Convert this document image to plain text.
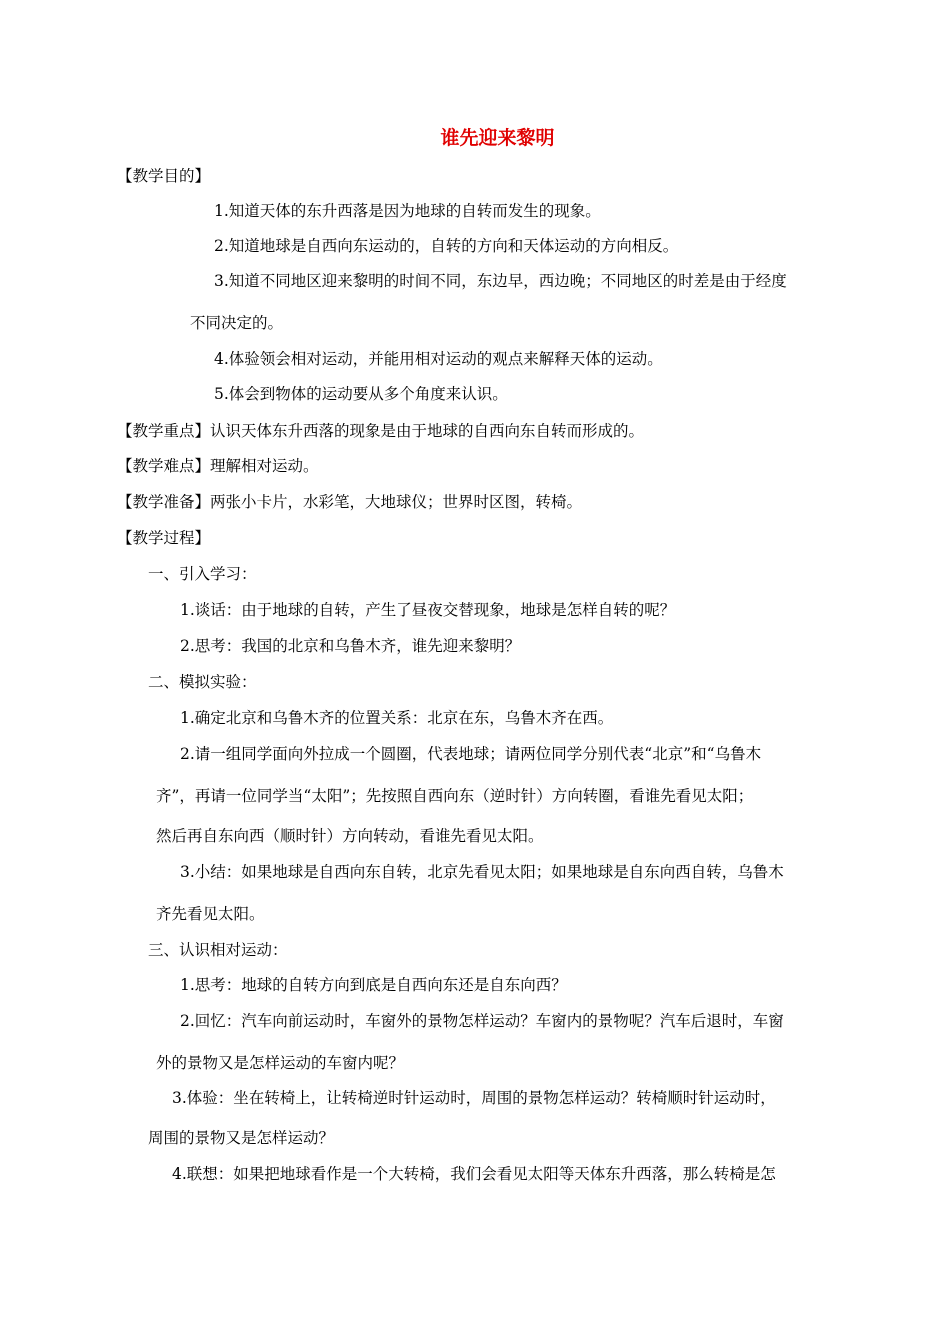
谁先迎来黎明
【教学目的】
1.知道天体的东升西落是因为地球的自转而发生的现象。
2.知道地球是自西向东运动的，自转的方向和天体运动的方向相反。
3.知道不同地区迎来黎明的时间不同，东边早，西边晚；不同地区的时差是由于经度
不同决定的。
4.体验领会相对运动，并能用相对运动的观点来解释天体的运动。
5.体会到物体的运动要从多个角度来认识。
【教学重点】认识天体东升西落的现象是由于地球的自西向东自转而形成的。
【教学难点】理解相对运动。
【教学准备】两张小卡片，水彩笔，大地球仪；世界时区图，转椅。
【教学过程】
一、引入学习：
1.谈话：由于地球的自转，产生了昼夜交替现象，地球是怎样自转的呢？
2.思考：我国的北京和乌鲁木齐，谁先迎来黎明？
二、模拟实验：
1.确定北京和乌鲁木齐的位置关系：北京在东，乌鲁木齐在西。
2.请一组同学面向外拉成一个圆圈，代表地球；请两位同学分别代表“北京”和“乌鲁木
齐”，再请一位同学当“太阳”；先按照自西向东（逆时针）方向转圈，看谁先看见太阳；
然后再自东向西（顺时针）方向转动，看谁先看见太阳。
3.小结：如果地球是自西向东自转，北京先看见太阳；如果地球是自东向西自转，乌鲁木
齐先看见太阳。
三、认识相对运动：
1.思考：地球的自转方向到底是自西向东还是自东向西？
2.回忆：汽车向前运动时，车窗外的景物怎样运动？车窗内的景物呢？汽车后退时，车窗
外的景物又是怎样运动的车窗内呢？
3.体验：坐在转椅上，让转椅逆时针运动时，周围的景物怎样运动？转椅顺时针运动时，
周围的景物又是怎样运动？
4.联想：如果把地球看作是一个大转椅，我们会看见太阳等天体东升西落，那么转椅是怎
